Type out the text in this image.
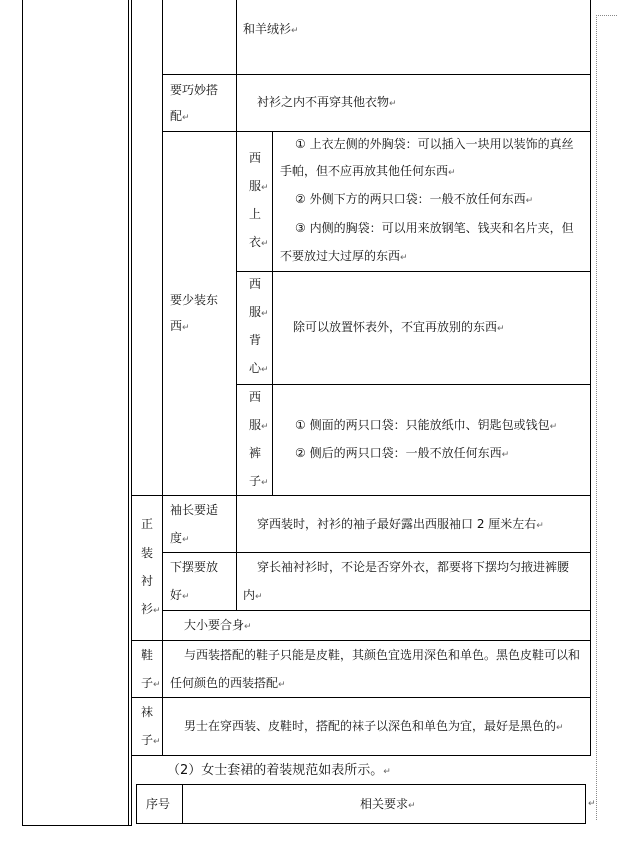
和羊绒衫↵
要巧妙搭
配↵
衬衫之内不再穿其他衣物↵
要少装东
西↵
西
服↵
上
衣↵
① 上衣左侧的外胸袋：可以插入一块用以装饰的真丝
手帕，但不应再放其他任何东西↵
② 外侧下方的两只口袋：一般不放任何东西↵
③ 内侧的胸袋：可以用来放钢笔、钱夹和名片夹，但
不要放过大过厚的东西↵
西
服↵
背
心↵
除可以放置怀表外，不宜再放别的东西↵
西
服↵
裤
子↵
① 侧面的两只口袋：只能放纸巾、钥匙包或钱包↵
② 侧后的两只口袋：一般不放任何东西↵
正
装
衬
衫↵
袖长要适
度↵
穿西装时，衬衫的袖子最好露出西服袖口 2 厘米左右↵
下摆要放
好↵
穿长袖衬衫时，不论是否穿外衣，都要将下摆均匀掖进裤腰
内↵
大小要合身↵
鞋
子↵
与西装搭配的鞋子只能是皮鞋，其颜色宜选用深色和单色。黑色皮鞋可以和
任何颜色的西装搭配↵
袜
子↵
男士在穿西装、皮鞋时，搭配的袜子以深色和单色为宜，最好是黑色的↵
（2）女士套裙的着装规范如表所示。↵
序号	相关要求↵	↵
